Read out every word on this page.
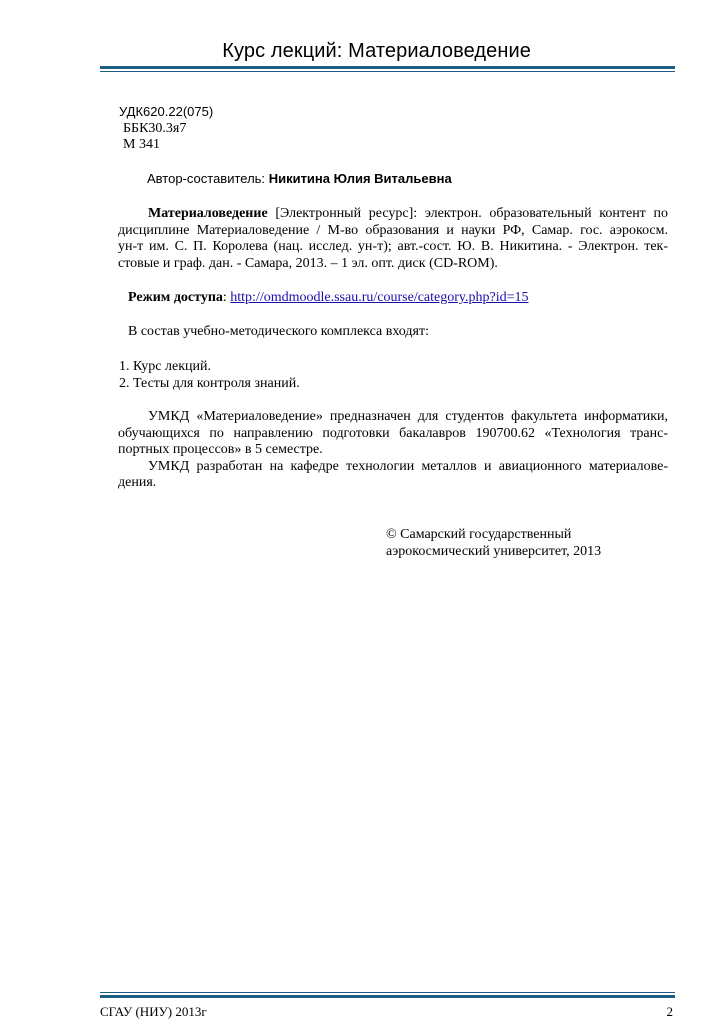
Курс лекций: Материаловедение
УДК620.22(075)
ББК30.3я7
М 341
Автор-составитель: Никитина Юлия Витальевна
Материаловедение [Электронный ресурс]: электрон. образовательный контент по
дисциплине Материаловедение / М-во образования и науки РФ, Самар. гос. аэрокосм.
ун-т им. С. П. Королева (нац. исслед. ун-т); авт.-сост. Ю. В. Никитина. - Электрон. тек-
стовые и граф. дан. - Самара, 2013. – 1 эл. опт. диск (CD-ROM).
Режим доступа: http://omdmoodle.ssau.ru/course/category.php?id=15
В состав учебно-методического комплекса входят:
1. Курс лекций.
2. Тесты для контроля знаний.
УМКД «Материаловедение» предназначен для студентов факультета информатики,
обучающихся по направлению подготовки бакалавров 190700.62 «Технология транс-
портных процессов» в 5 семестре.
УМКД разработан на кафедре технологии металлов и авиационного материалове-
дения.
© Самарский государственный
аэрокосмический университет, 2013
СГАУ (НИУ) 2013г	2
